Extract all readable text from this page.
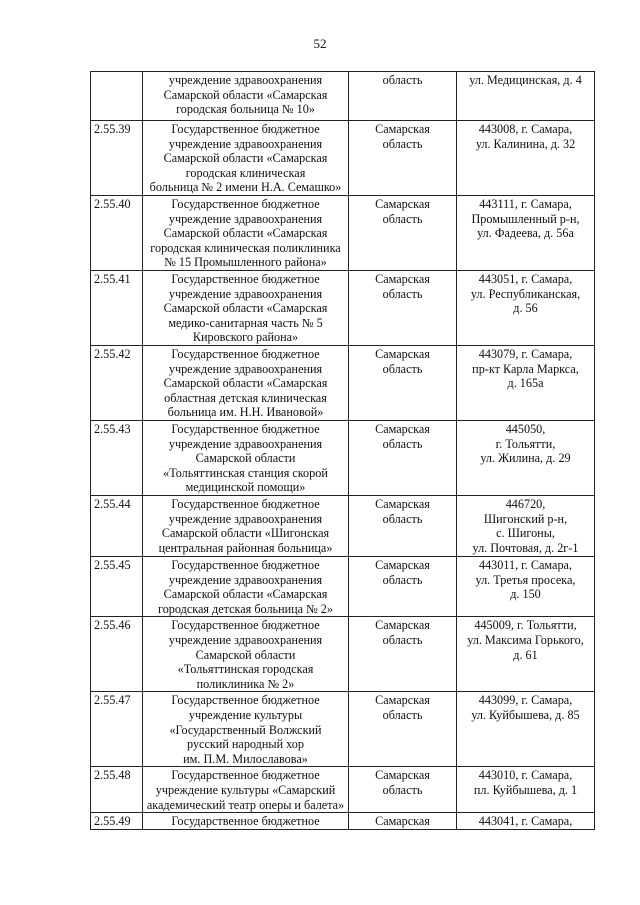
52

	учреждение здравоохранения
Самарской области «Самарская
городская больница № 10»	область	ул. Медицинская, д. 4

2.55.39	Государственное бюджетное
учреждение здравоохранения
Самарской области «Самарская
городская клиническая
больница № 2 имени Н.А. Семашко»	Самарская
область	443008, г. Самара,
ул. Калинина, д. 32

2.55.40	Государственное бюджетное
учреждение здравоохранения
Самарской области «Самарская
городская клиническая поликлиника
№ 15 Промышленного района»	Самарская
область	443111, г. Самара,
Промышленный р-н,
ул. Фадеева, д. 56а

2.55.41	Государственное бюджетное
учреждение здравоохранения
Самарской области «Самарская
медико-санитарная часть № 5
Кировского района»	Самарская
область	443051, г. Самара,
ул. Республиканская,
д. 56

2.55.42	Государственное бюджетное
учреждение здравоохранения
Самарской области «Самарская
областная детская клиническая
больница им. Н.Н. Ивановой»	Самарская
область	443079, г. Самара,
пр-кт Карла Маркса,
д. 165а

2.55.43	Государственное бюджетное
учреждение здравоохранения
Самарской области
«Тольяттинская станция скорой
медицинской помощи»	Самарская
область	445050,
г. Тольятти,
ул. Жилина, д. 29

2.55.44	Государственное бюджетное
учреждение здравоохранения
Самарской области «Шигонская
центральная районная больница»	Самарская
область	446720,
Шигонский р-н,
с. Шигоны,
ул. Почтовая, д. 2г-1

2.55.45	Государственное бюджетное
учреждение здравоохранения
Самарской области «Самарская
городская детская больница № 2»	Самарская
область	443011, г. Самара,
ул. Третья просека,
д. 150

2.55.46	Государственное бюджетное
учреждение здравоохранения
Самарской области
«Тольяттинская городская
поликлиника № 2»	Самарская
область	445009, г. Тольятти,
ул. Максима Горького,
д. 61

2.55.47	Государственное бюджетное
учреждение культуры
«Государственный Волжский
русский народный хор
им. П.М. Милославова»	Самарская
область	443099, г. Самара,
ул. Куйбышева, д. 85

2.55.48	Государственное бюджетное
учреждение культуры «Самарский
академический театр оперы и балета»	Самарская
область	443010, г. Самара,
пл. Куйбышева, д. 1

2.55.49	Государственное бюджетное	Самарская	443041, г. Самара,
